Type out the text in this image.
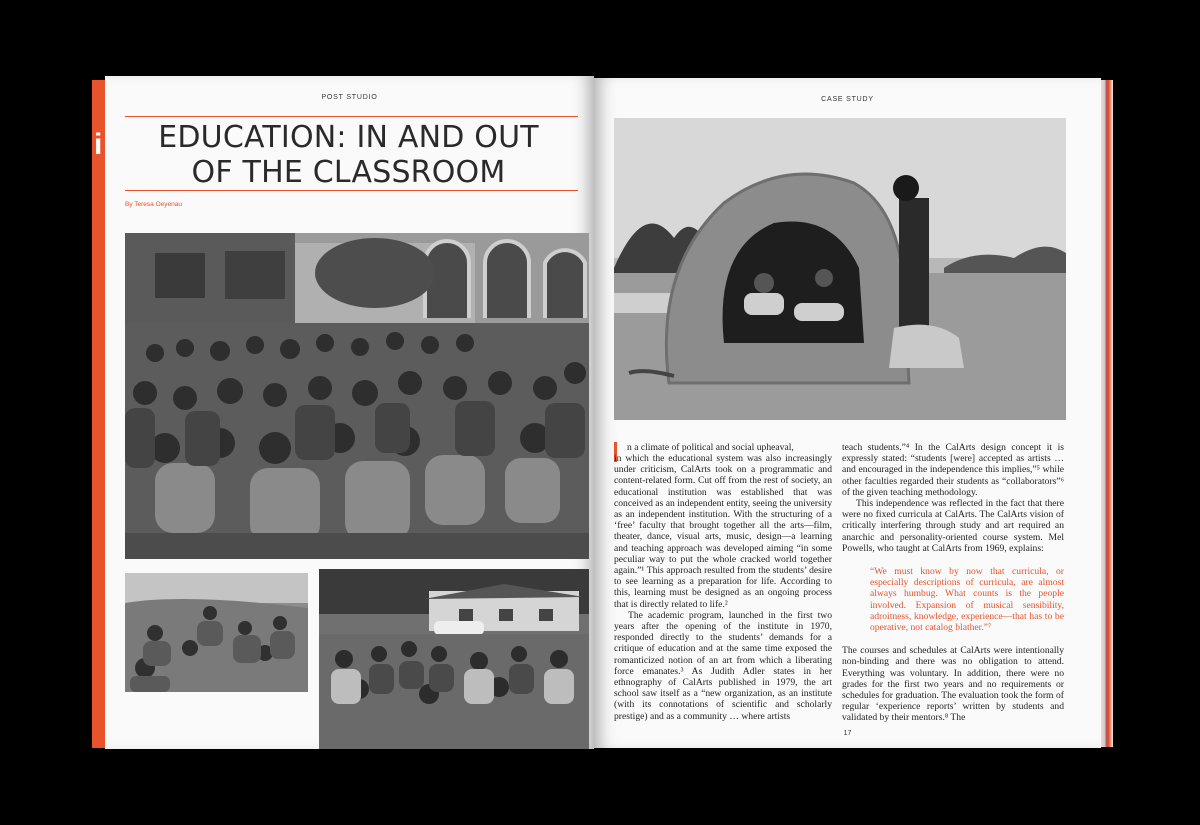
i
POST STUDIO
EDUCATION: IN AND OUT
OF THE CLASSROOM
By Teresa Oeyenau
CASE STUDY

n a climate of political and social upheaval,

in which the educational system was also increasingly under criticism, CalArts took on a programmatic and content-related form. Cut off from the rest of society, an educational institution was established that was conceived as an independent entity, seeing the university as an independent institution. With the structuring of a ‘free’ faculty that brought together all the arts—film, theater, dance, visual arts, music, design—a learning and teaching approach was developed aiming “in some peculiar way to put the whole cracked world together again.”¹ This approach resulted from the students’ desire to see learning as a preparation for life. According to this, learning must be designed as an ongoing process that is directly related to life.²

The academic program, launched in the first two years after the opening of the institute in 1970, responded directly to the students’ demands for a critique of education and at the same time exposed the romanticized notion of an art from which a liberating force emanates.³ As Judith Adler states in her ethnography of CalArts published in 1979, the art school saw itself as a “new organization, as an institute (with its connotations of scientific and scholarly prestige) and as a community … where artists

teach students.”⁴ In the CalArts design concept it is expressly stated: “students [were] accepted as artists … and encouraged in the independence this implies,”⁵ while other faculties regarded their students as “collaborators”⁶ of the given teaching methodology.

This independence was reflected in the fact that there were no fixed curricula at CalArts. The CalArts vision of critically interfering through study and art required an anarchic and personality-oriented course system. Mel Powells, who taught at CalArts from 1969, explains:

“We must know by now that curricula, or especially descriptions of curricula, are almost always humbug. What counts is the people involved. Expansion of musical sensibility, adroitness, knowledge, experience—that has to be operative, not catalog blather.”⁷

The courses and schedules at CalArts were intentionally non-binding and there was no obligation to attend. Everything was voluntary. In addition, there were no grades for the first two years and no requirements or schedules for graduation. The evaluation took the form of regular ‘experience reports’ written by students and validated by their mentors.⁸ The

17
